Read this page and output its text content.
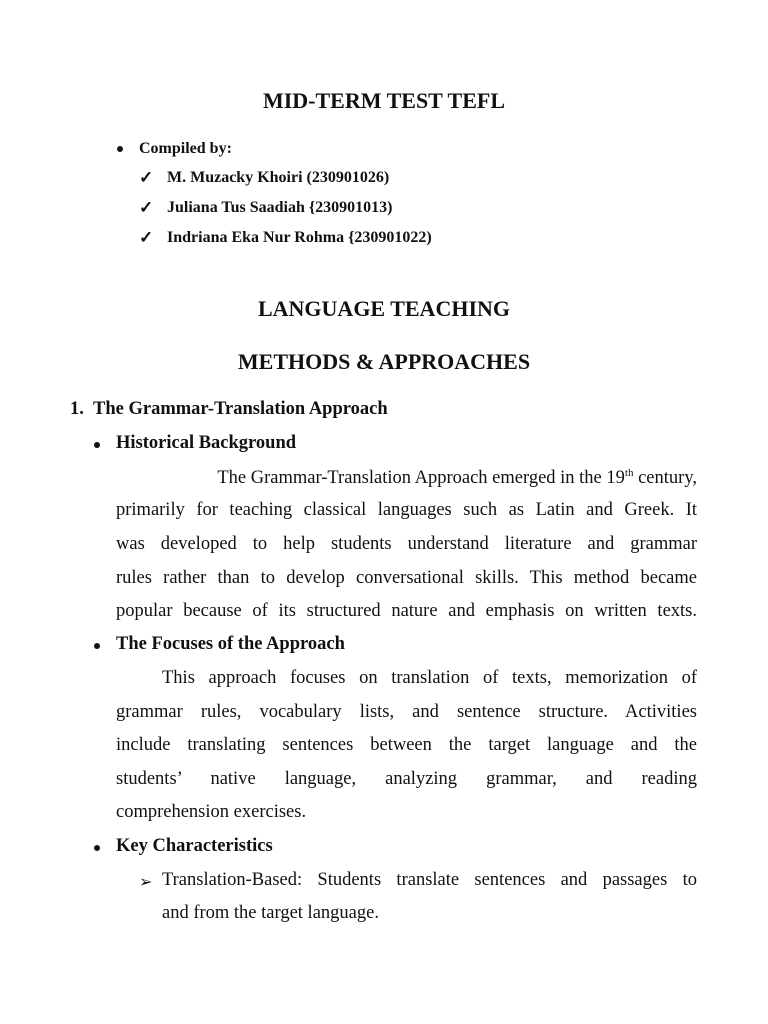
MID-TERM TEST TEFL
Compiled by:
✓ M. Muzacky Khoiri (230901026)
✓ Juliana Tus Saadiah {230901013)
✓ Indriana Eka Nur Rohma {230901022)
LANGUAGE TEACHING
METHODS & APPROACHES
1. The Grammar-Translation Approach
Historical Background
The Grammar-Translation Approach emerged in the 19th century,
primarily for teaching classical languages such as Latin and Greek. It
was developed to help students understand literature and grammar
rules rather than to develop conversational skills. This method became
popular because of its structured nature and emphasis on written texts.
The Focuses of the Approach
This approach focuses on translation of texts, memorization of
grammar rules, vocabulary lists, and sentence structure. Activities
include translating sentences between the target language and the
students’ native language, analyzing grammar, and reading
comprehension exercises.
Key Characteristics
➢ Translation-Based: Students translate sentences and passages to
and from the target language.
